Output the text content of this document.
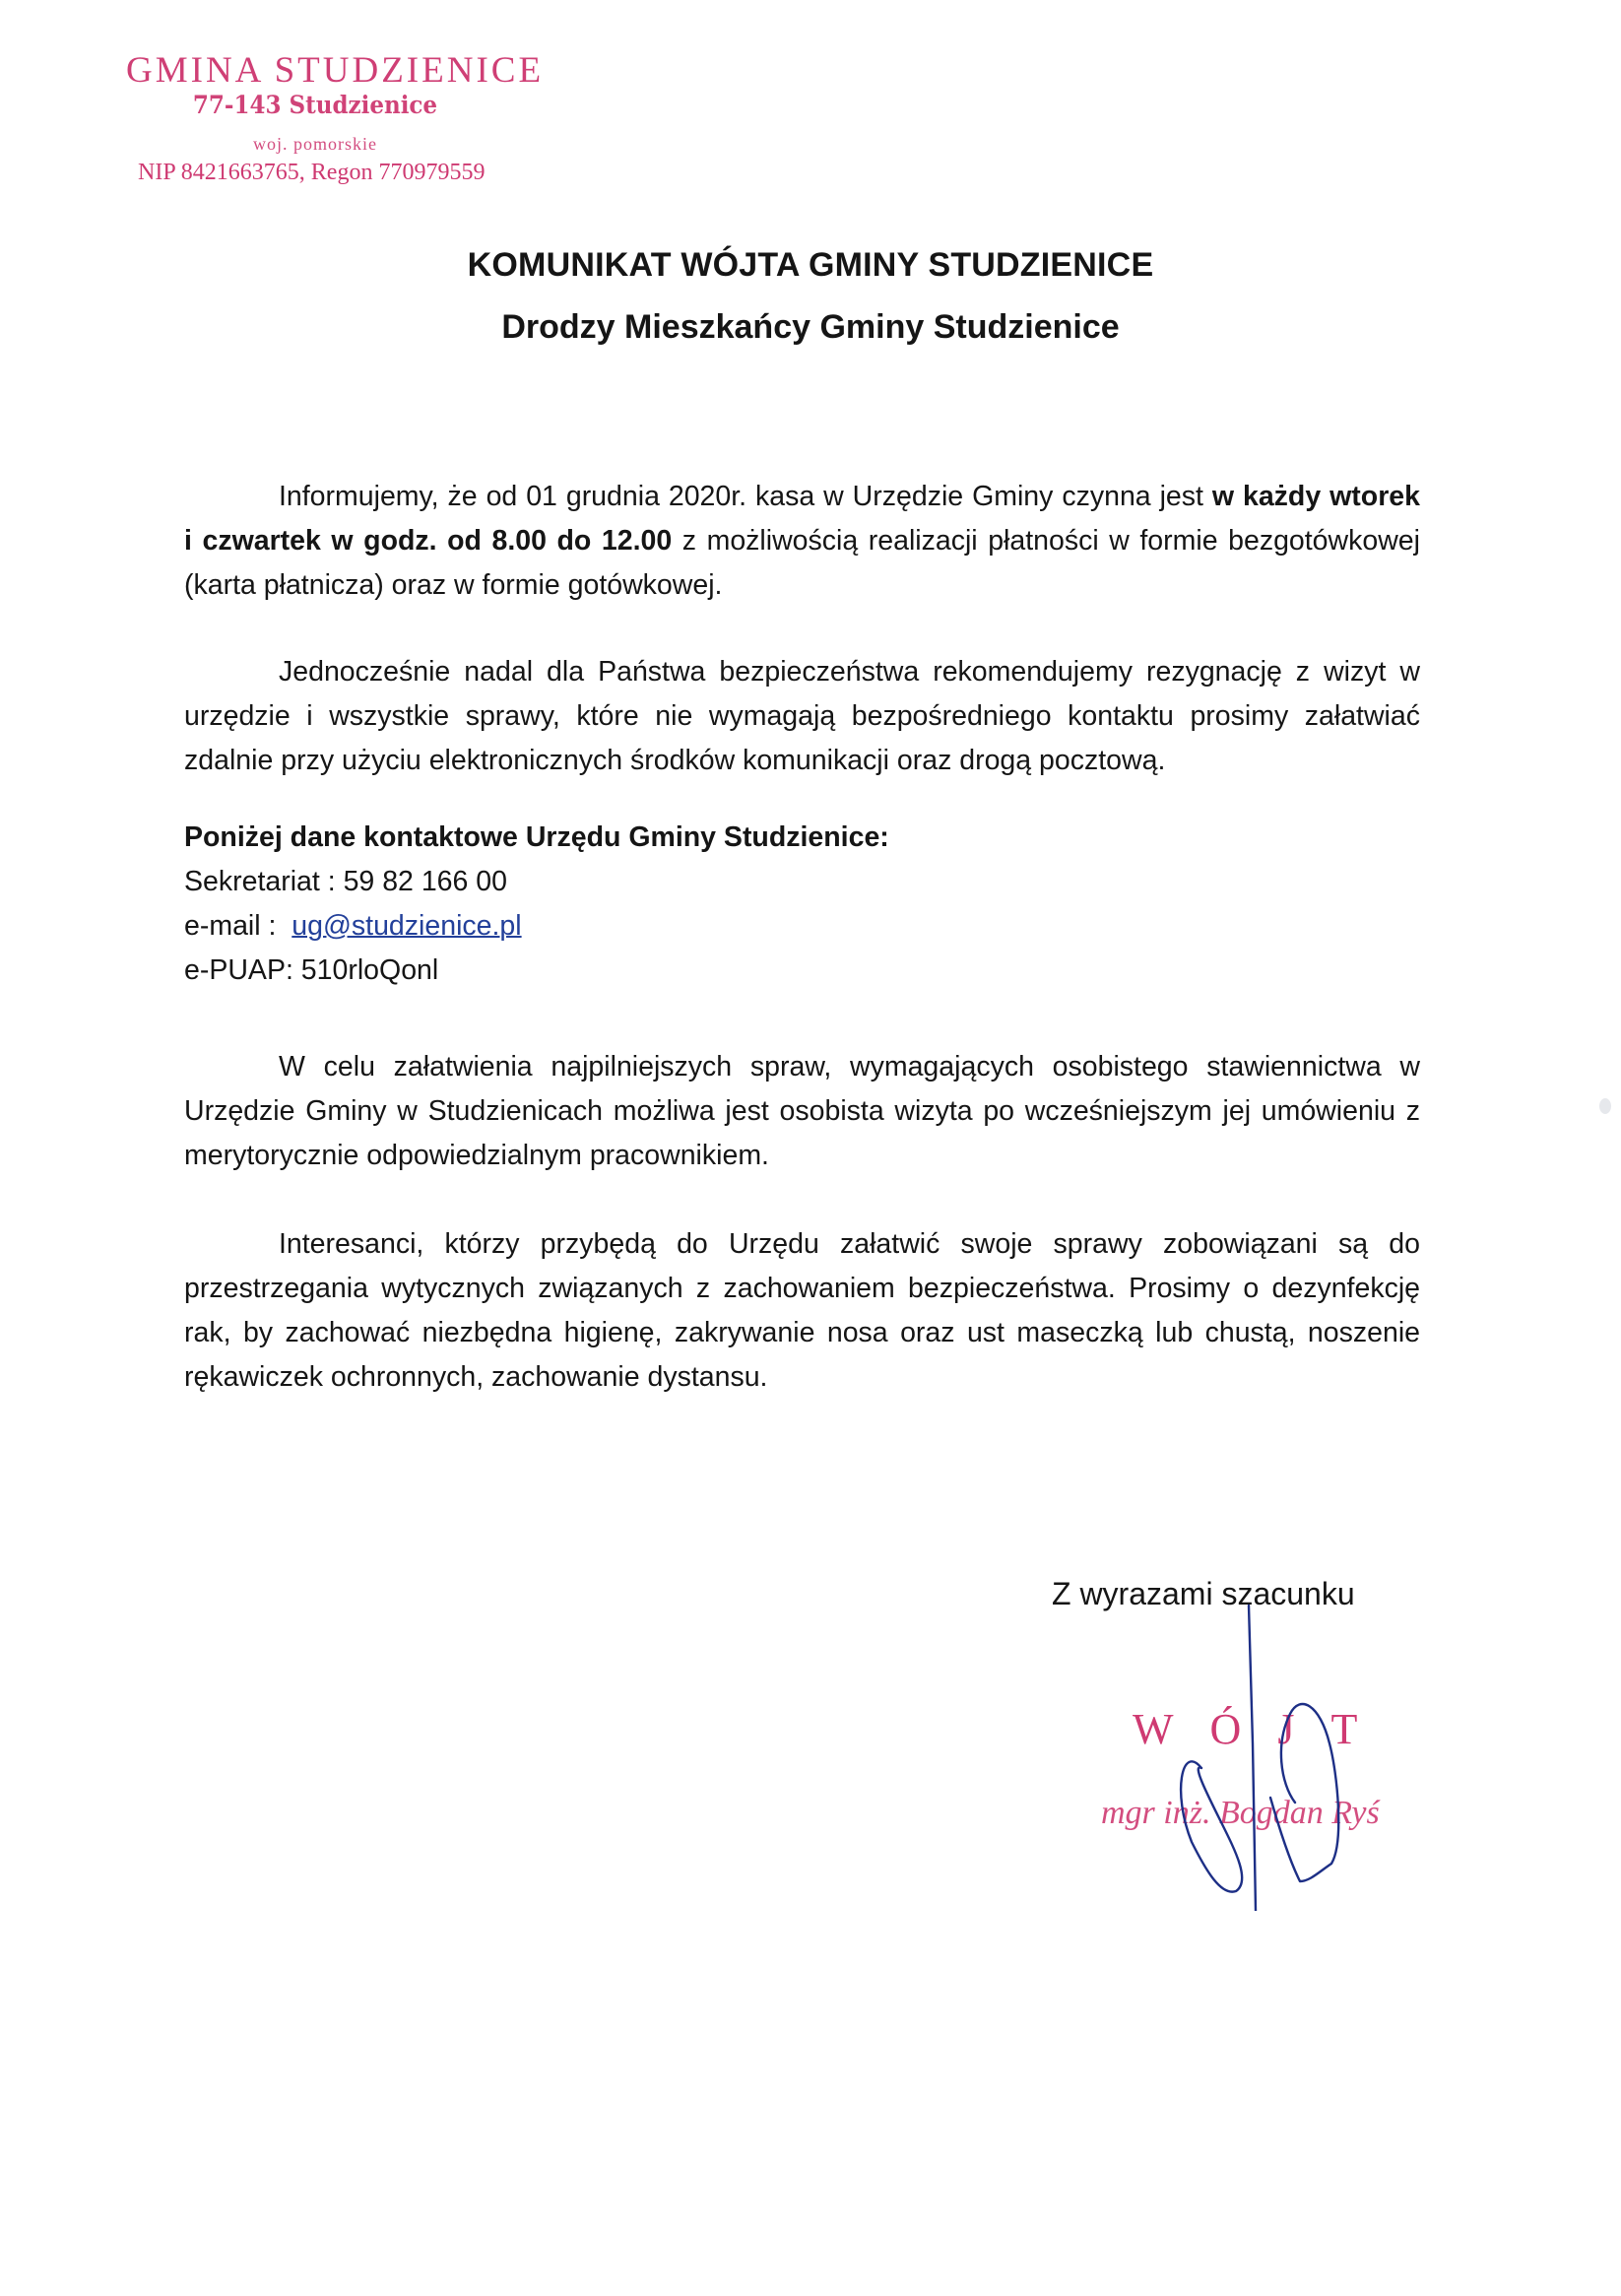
GMINA STUDZIENICE
77-143 Studzienice
woj. pomorskie
NIP 8421663765, Regon 770979559
KOMUNIKAT WÓJTA GMINY STUDZIENICE
Drodzy Mieszkańcy Gminy Studzienice

Informujemy, że od 01 grudnia 2020r. kasa w Urzędzie Gminy czynna jest w każdy wtorek i czwartek w godz. od 8.00 do 12.00 z możliwością realizacji płatności w formie bezgotówkowej (karta płatnicza) oraz w formie gotówkowej.

Jednocześnie nadal dla Państwa bezpieczeństwa rekomendujemy rezygnację z wizyt w urzędzie i wszystkie sprawy, które nie wymagają bezpośredniego kontaktu prosimy załatwiać zdalnie przy użyciu elektronicznych środków komunikacji oraz drogą pocztową.

Poniżej dane kontaktowe Urzędu Gminy Studzienice:
Sekretariat : 59 82 166 00
e-mail : ug@studzienice.pl
e-PUAP: 510rloQonl

W celu załatwienia najpilniejszych spraw, wymagających osobistego stawiennictwa w Urzędzie Gminy w Studzienicach możliwa jest osobista wizyta po wcześniejszym jej umówieniu z merytorycznie odpowiedzialnym pracownikiem.

Interesanci, którzy przybędą do Urzędu załatwić swoje sprawy zobowiązani są do przestrzegania wytycznych związanych z zachowaniem bezpieczeństwa. Prosimy o dezynfekcję rak, by zachować niezbędna higienę, zakrywanie nosa oraz ust maseczką lub chustą, noszenie rękawiczek ochronnych, zachowanie dystansu.

Z wyrazami szacunku
W Ó J T
mgr inż. Bogdan Ryś
